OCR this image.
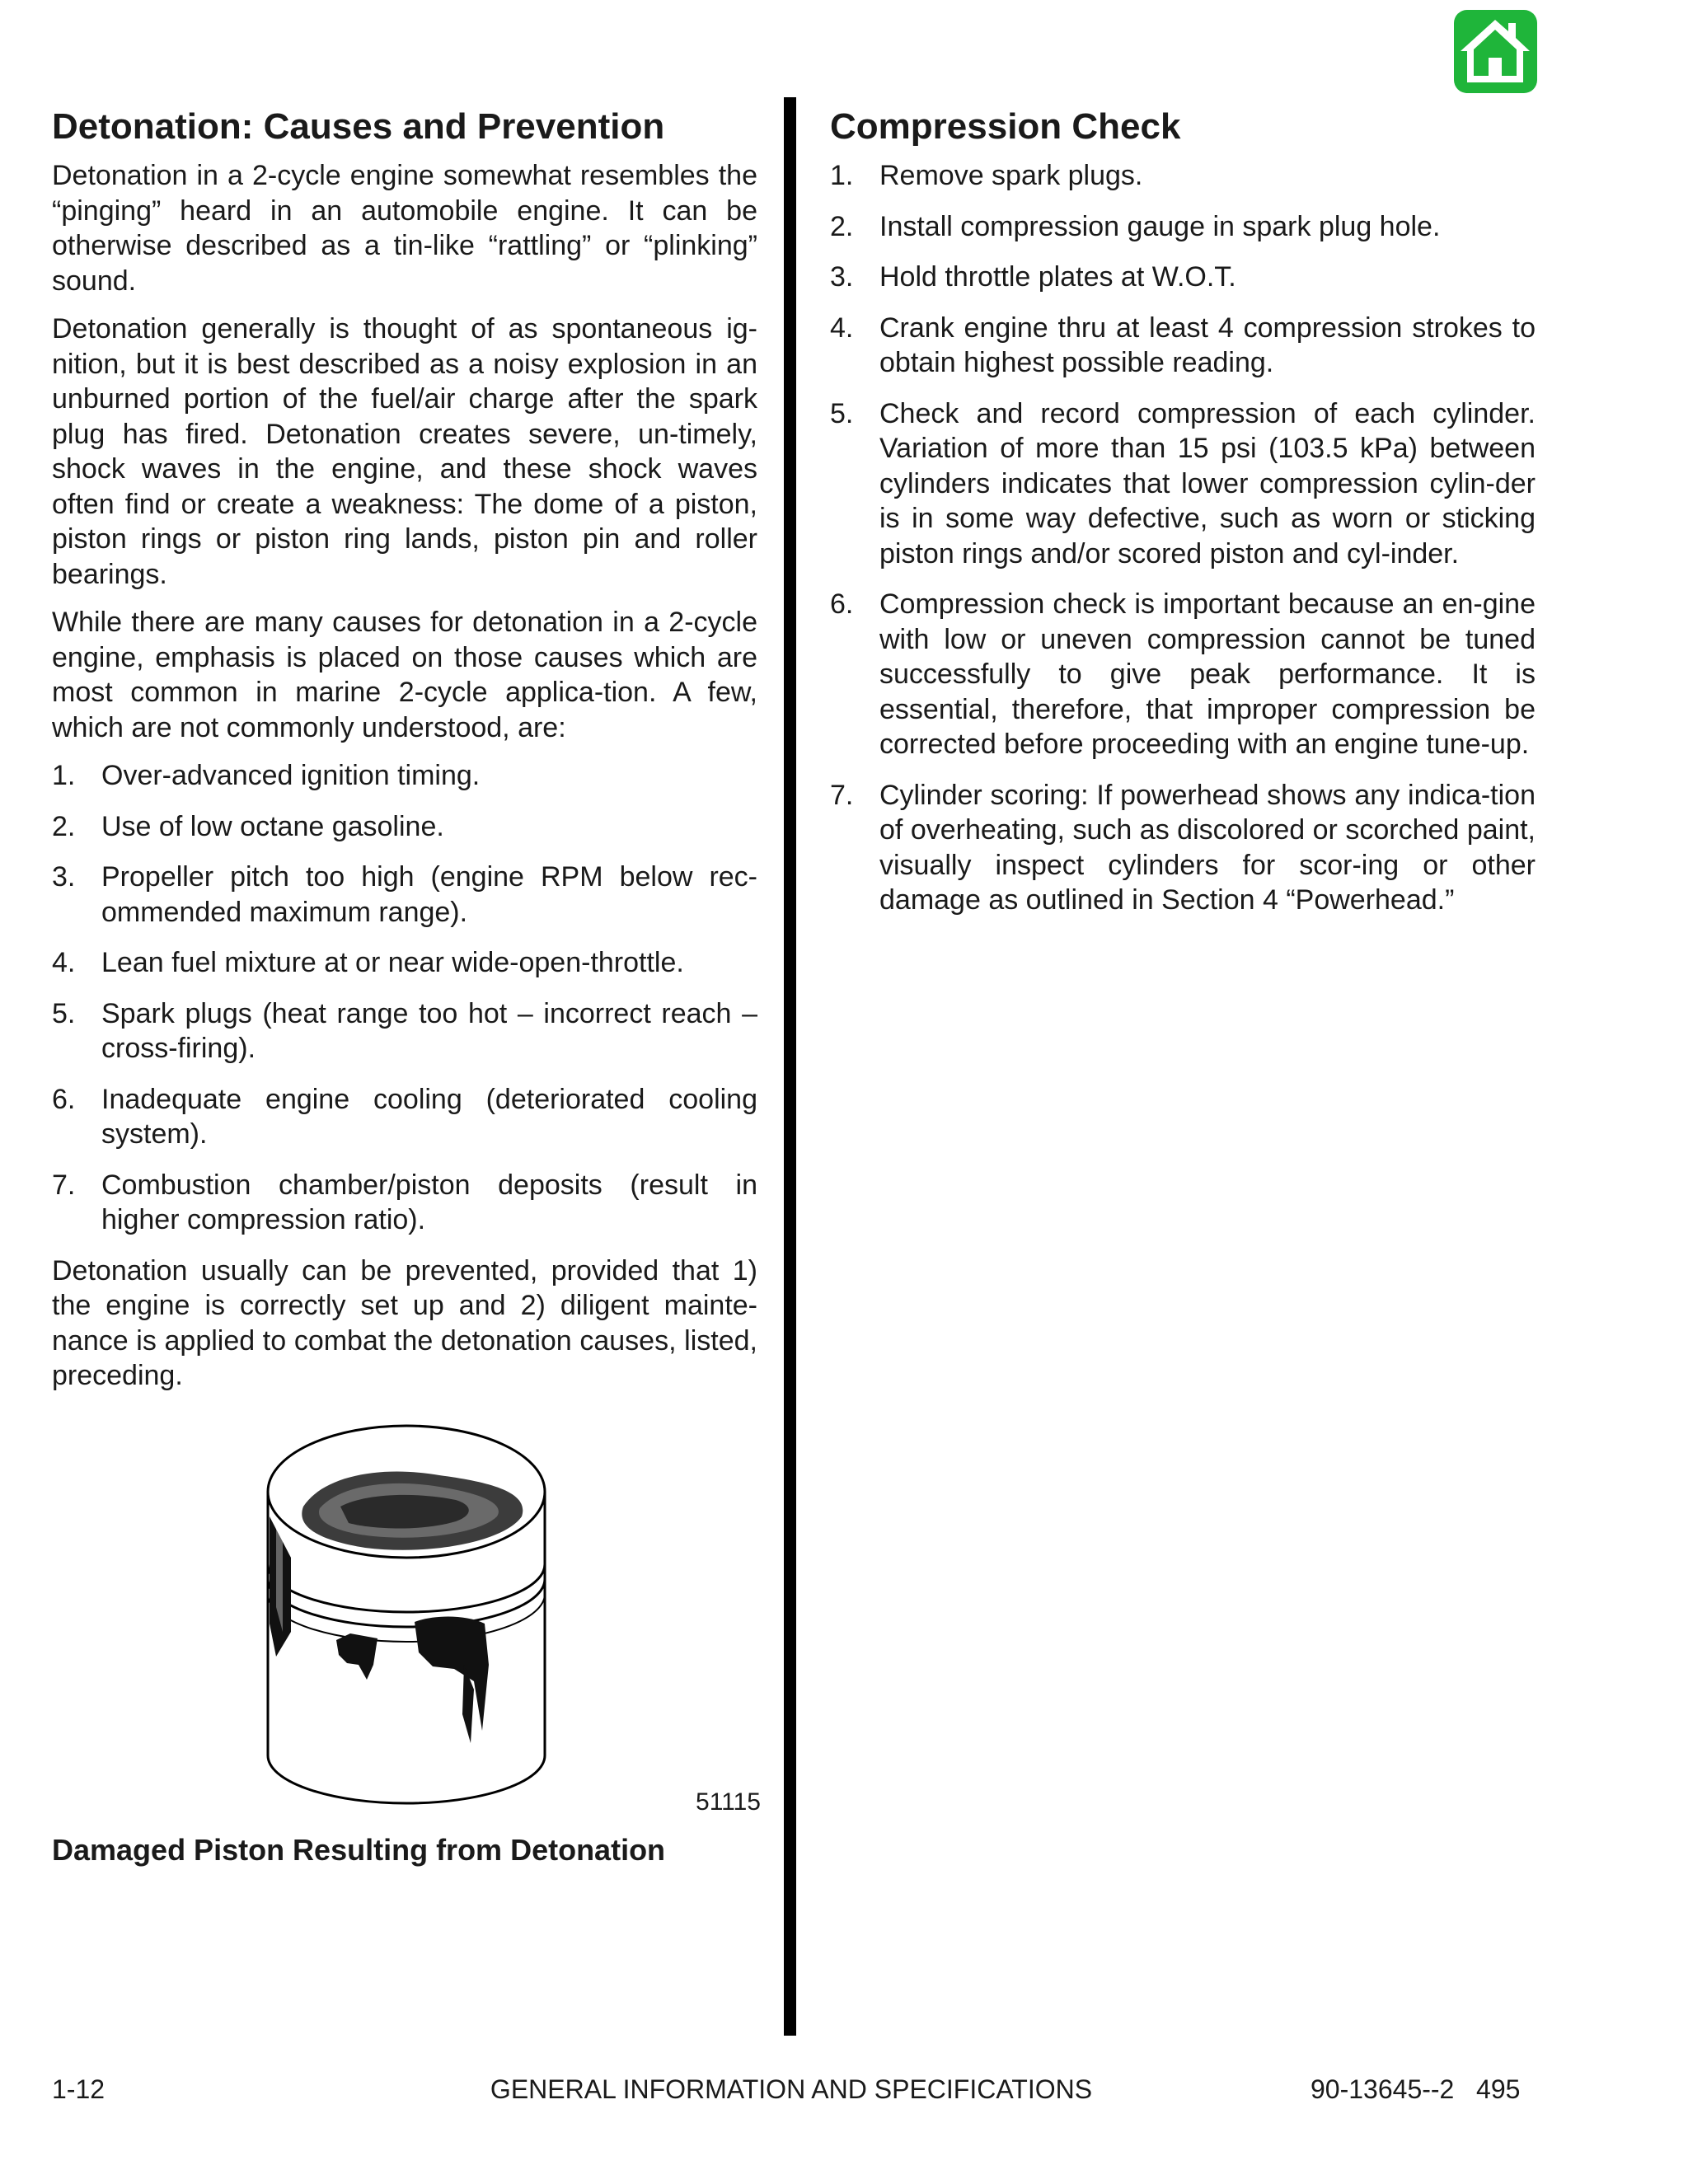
Detonation: Causes and Prevention

Detonation in a 2-cycle engine somewhat resembles the “pinging” heard in an automobile engine. It can be otherwise described as a tin-like “rattling” or “plinking” sound.

Detonation generally is thought of as spontaneous ig-nition, but it is best described as a noisy explosion in an unburned portion of the fuel/air charge after the spark plug has fired. Detonation creates severe, un-timely, shock waves in the engine, and these shock waves often find or create a weakness: The dome of a piston, piston rings or piston ring lands, piston pin and roller bearings.

While there are many causes for detonation in a 2-cycle engine, emphasis is placed on those causes which are most common in marine 2-cycle applica-tion. A few, which are not commonly understood, are:

1. Over-advanced ignition timing.
2. Use of low octane gasoline.
3. Propeller pitch too high (engine RPM below rec-ommended maximum range).
4. Lean fuel mixture at or near wide-open-throttle.
5. Spark plugs (heat range too hot – incorrect reach – cross-firing).
6. Inadequate engine cooling (deteriorated cooling system).
7. Combustion chamber/piston deposits (result in higher compression ratio).

Detonation usually can be prevented, provided that 1) the engine is correctly set up and 2) diligent mainte-nance is applied to combat the detonation causes, listed, preceding.

51115
Damaged Piston Resulting from Detonation
Compression Check
1. Remove spark plugs.
2. Install compression gauge in spark plug hole.
3. Hold throttle plates at W.O.T.
4. Crank engine thru at least 4 compression strokes to obtain highest possible reading.
5. Check and record compression of each cylinder. Variation of more than 15 psi (103.5 kPa) between cylinders indicates that lower compression cylin-der is in some way defective, such as worn or sticking piston rings and/or scored piston and cyl-inder.
6. Compression check is important because an en-gine with low or uneven compression cannot be tuned successfully to give peak performance. It is essential, therefore, that improper compression be corrected before proceeding with an engine tune-up.
7. Cylinder scoring: If powerhead shows any indica-tion of overheating, such as discolored or scorched paint, visually inspect cylinders for scor-ing or other damage as outlined in Section 4 “Powerhead.”
1-12	GENERAL INFORMATION AND SPECIFICATIONS	90-13645--2   495
